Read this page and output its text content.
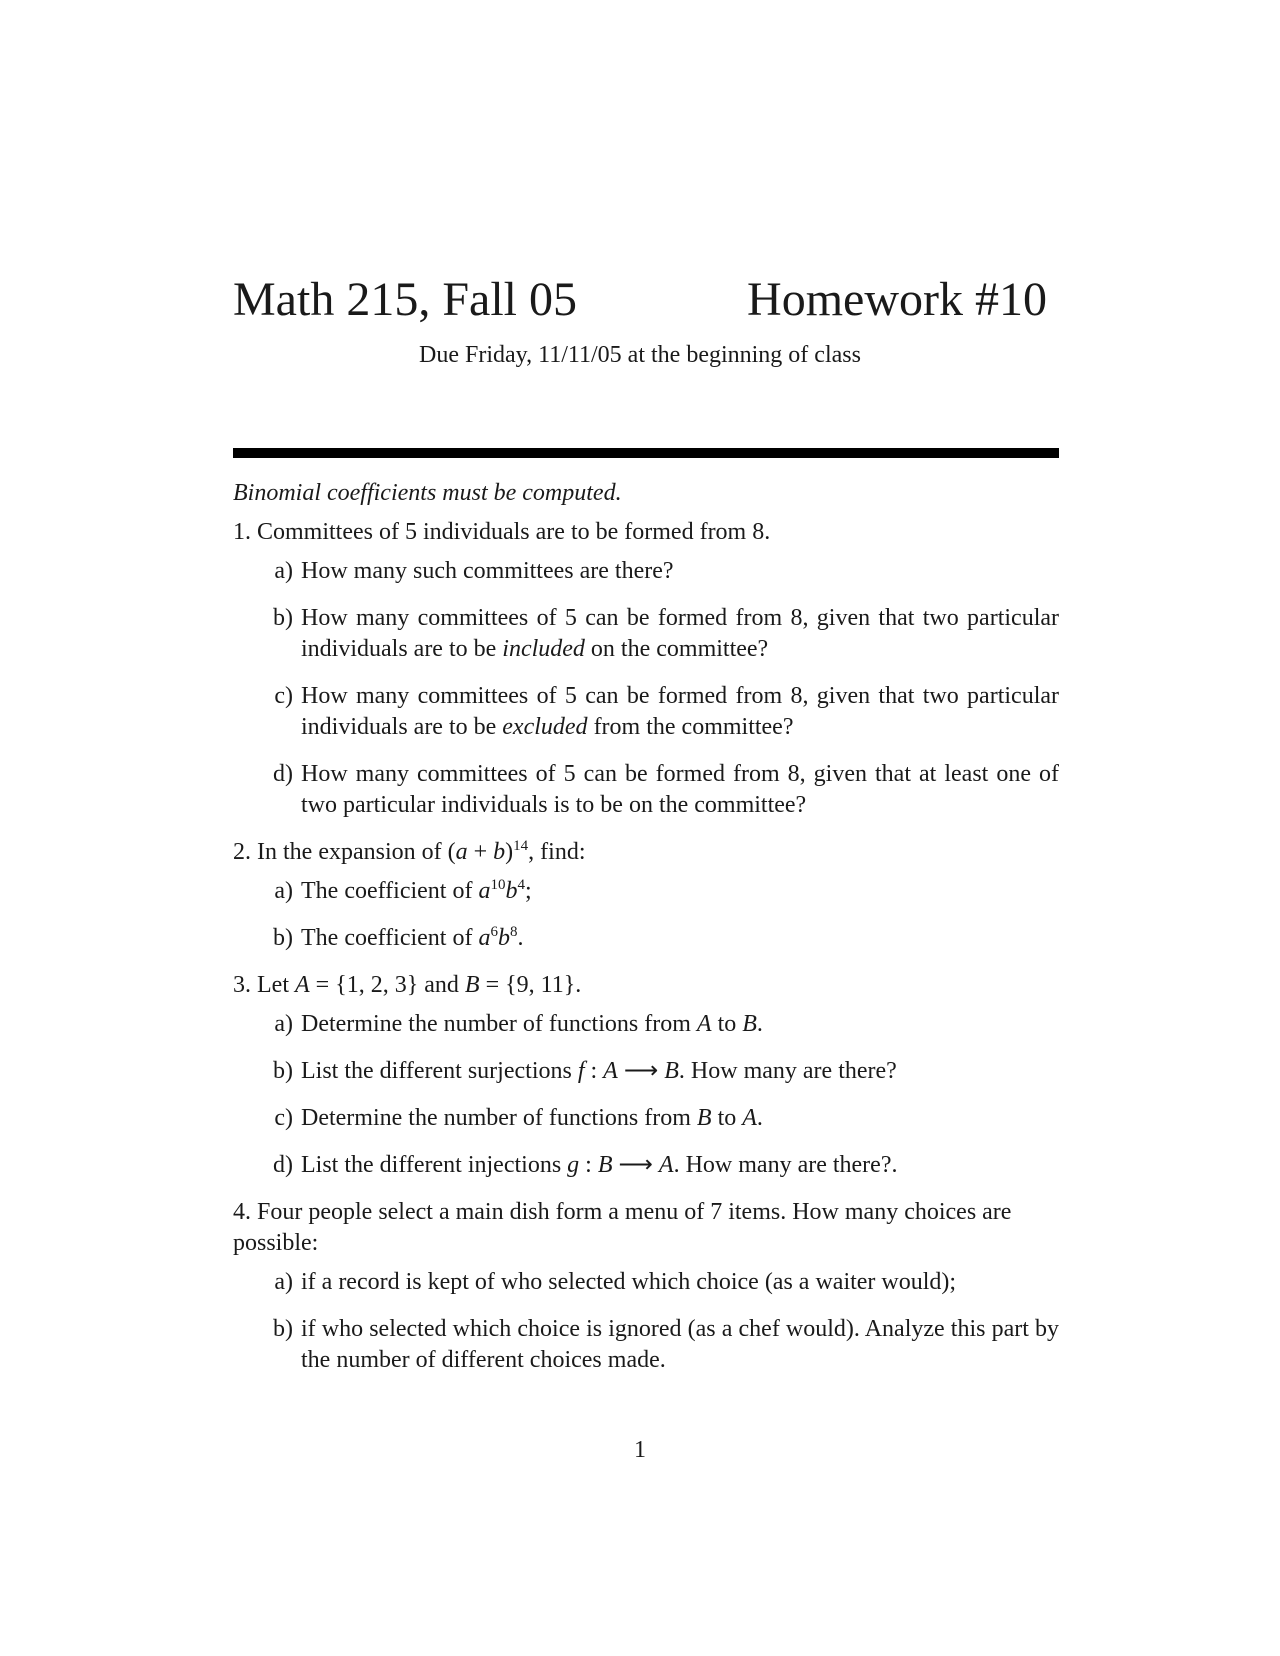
Math 215, Fall 05	Homework #10
Due Friday, 11/11/05 at the beginning of class
Binomial coefficients must be computed.
1. Committees of 5 individuals are to be formed from 8.
a) How many such committees are there?
b) How many committees of 5 can be formed from 8, given that two particular individuals are to be included on the committee?
c) How many committees of 5 can be formed from 8, given that two particular individuals are to be excluded from the committee?
d) How many committees of 5 can be formed from 8, given that at least one of two particular individuals is to be on the committee?
2. In the expansion of $(a + b)^{14}$, find:
a) The coefficient of $a^{10}b^4$;
b) The coefficient of $a^6b^8$.
3. Let A = {1, 2, 3} and B = {9, 11}.
a) Determine the number of functions from A to B.
b) List the different surjections f : A ⟶ B. How many are there?
c) Determine the number of functions from B to A.
d) List the different injections g : B ⟶ A. How many are there?.
4. Four people select a main dish form a menu of 7 items. How many choices are possible:
a) if a record is kept of who selected which choice (as a waiter would);
b) if who selected which choice is ignored (as a chef would). Analyze this part by the number of different choices made.
1
